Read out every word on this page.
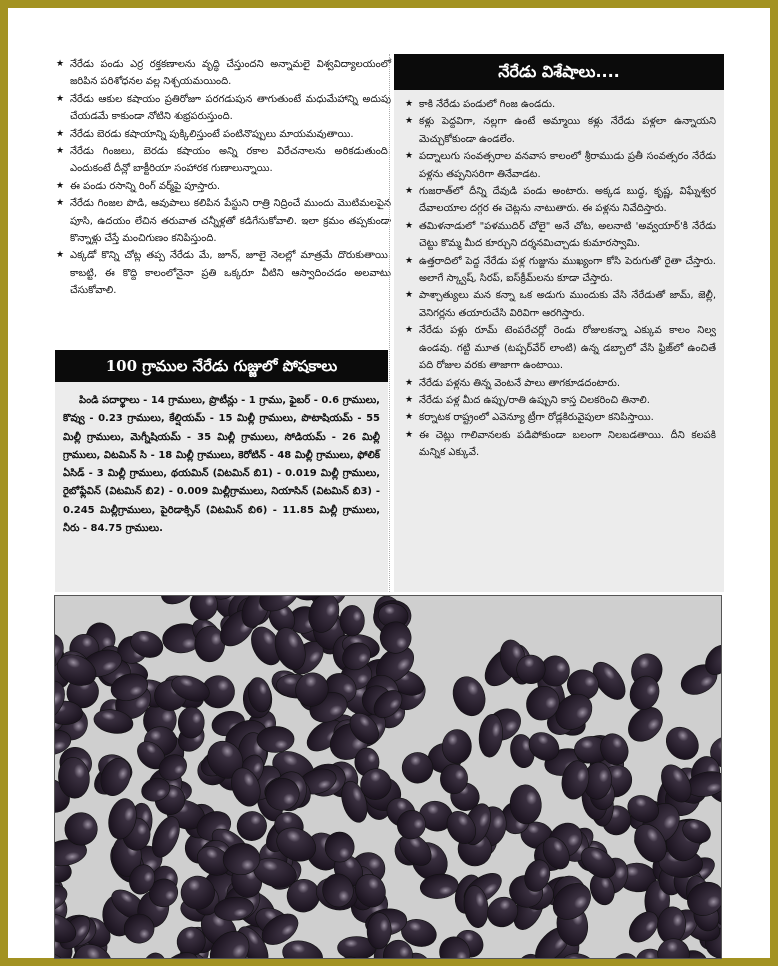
★ నేరేడు పండు ఎర్ర రక్తకణాలను వృద్ధి చేస్తుందని అన్నామలై విశ్వవిద్యాలయంలో జరిపిన పరిశోధనల వల్ల నిశ్చయమయింది.
★ నేరేడు ఆకుల కషాయం ప్రతిరోజూ పరగడుపున తాగుతుంటే మధుమేహాన్ని అదుపు చేయడమే కాకుండా నోటిని శుభ్రపరుస్తుంది.
★ నేరేడు బెరడు కషాయాన్ని పుక్కిలిస్తుంటే పంటినొప్పులు మాయమవుతాయి.
★ నేరేడు గింజలు, బెరడు కషాయం అన్ని రకాల విరేచనాలను అరికడుతుంది. ఎందుకంటే దీన్లో బాక్టీరియా సంహారక గుణాలున్నాయి.
★ ఈ పండు రసాన్ని రింగ్ వర్మ్‌పై పూస్తారు.
★ నేరేడు గింజల పొడి, ఆవుపాలు కలిపిన పేస్టుని రాత్రి నిద్రించే ముందు మొటిమలపైన పూసి, ఉదయం లేచిన తరువాత చన్నీళ్లతో కడిగేసుకోవాలి. ఇలా క్రమం తప్పకుండా కొన్నాళ్లు చేస్తే మంచిగుణం కనిపిస్తుంది.
★ ఎక్కడో కొన్ని చోట్ల తప్ప నేరేడు మే, జూన్, జూలై నెలల్లో మాత్రమే దొరుకుతాయి. కాబట్టి, ఈ కొద్ది కాలంలోనైనా ప్రతి ఒక్కరూ వీటిని ఆస్వాదించడం అలవాటు చేసుకోవాలి.
100 గ్రాముల నేరేడు గుజ్జులో పోషకాలు
పిండి పదార్థాలు - 14 గ్రాములు, ప్రొటీన్లు - 1 గ్రాము, ఫైబర్ - 0.6 గ్రాములు, కొవ్వు - 0.23 గ్రాములు, కేల్షియమ్ - 15 మిల్లీ గ్రాములు, పొటాషియమ్ - 55 మిల్లీ గ్రాములు, మెగ్నీషియమ్ - 35 మిల్లీ గ్రాములు, సోడియమ్ - 26 మిల్లీ గ్రాములు, విటమిన్ సి - 18 మిల్లీ గ్రాములు, కెరోటిన్ - 48 మిల్లీ గ్రాములు, ఫోలిక్ ఏసిడ్ - 3 మిల్లీ గ్రాములు, థయమిన్ (విటమిన్ బి1) - 0.019 మిల్లీ గ్రాములు, రైబోఫ్లేవిన్ (విటమిన్ బి2) - 0.009 మిల్లీగ్రాములు, నియాసిన్ (విటమిన్ బి3) - 0.245 మిల్లీగ్రాములు, పైరిడాక్సిన్ (విటమిన్ బి6) - 11.85 మిల్లీ గ్రాములు, నీరు - 84.75 గ్రాములు.
నేరేడు విశేషాలు....
★ కాకి నేరేడు పండులో గింజ ఉండదు.
★ కళ్లు పెద్దవిగా, నల్లగా ఉంటే అమ్మాయి కళ్లు నేరేడు పళ్లలా ఉన్నాయని మెచ్చుకోకుండా ఉండలేం.
★ పద్నాలుగు సంవత్సరాల వనవాస కాలంలో శ్రీరాముడు ప్రతీ సంవత్సరం నేరేడు పళ్లను తప్పనిసరిగా తినేవాడట.
★ గుజరాత్‌లో దీన్ని దేవుడి పండు అంటారు. అక్కడ బుద్ధ, కృష్ణ, విఘ్నేశ్వర దేవాలయాల దగ్గర ఈ చెట్లను నాటుతారు. ఈ పళ్లను నివేదిస్తారు.
★ తమిళనాడులో "పళముదిర్ చోలై" అనే చోట, అలనాటి 'అవ్వయార్'కి నేరేడు చెట్టు కొమ్మ మీద కూర్చుని దర్శనమిచ్చాడు కుమారస్వామి.
★ ఉత్తరాదిలో పెద్ద నేరేడు పళ్ల గుజ్జును ముఖ్యంగా కోసి పెరుగుతో రైతా చేస్తారు. అలాగే స్క్వాష్, సిరప్, ఐస్‌క్రీమ్‌లను కూడా చేస్తారు.
★ పాశ్చాత్యులు మన కన్నా ఒక అడుగు ముందుకు వేసి నేరేడుతో జామ్, జెల్లీ, వెనిగర్లను తయారుచేసి విరివిగా ఆరగిస్తారు.
★ నేరేడు పళ్లు రూమ్ టెంపరేచర్లో రెండు రోజులకన్నా ఎక్కువ కాలం నిల్వ ఉండవు. గట్టి మూత (టప్పర్‌వేర్ లాంటి) ఉన్న డబ్బాలో వేసి ఫ్రిజ్‌లో ఉంచితే పది రోజుల వరకు తాజాగా ఉంటాయి.
★ నేరేడు పళ్లను తిన్న వెంటనే పాలు తాగకూడదంటారు.
★ నేరేడు పళ్ల మీద ఉప్పు/రాతి ఉప్పుని కాస్త చిలకరించి తినాలి.
★ కర్నాటక రాష్ట్రంలో ఎవెన్యూ ట్రీగా రోడ్లకిరువైపులా కనిపిస్తాయి.
★ ఈ చెట్లు గాలివానలకు పడిపోకుండా బలంగా నిలబడతాయి. దీని కలపకి మన్నిక ఎక్కువే.
